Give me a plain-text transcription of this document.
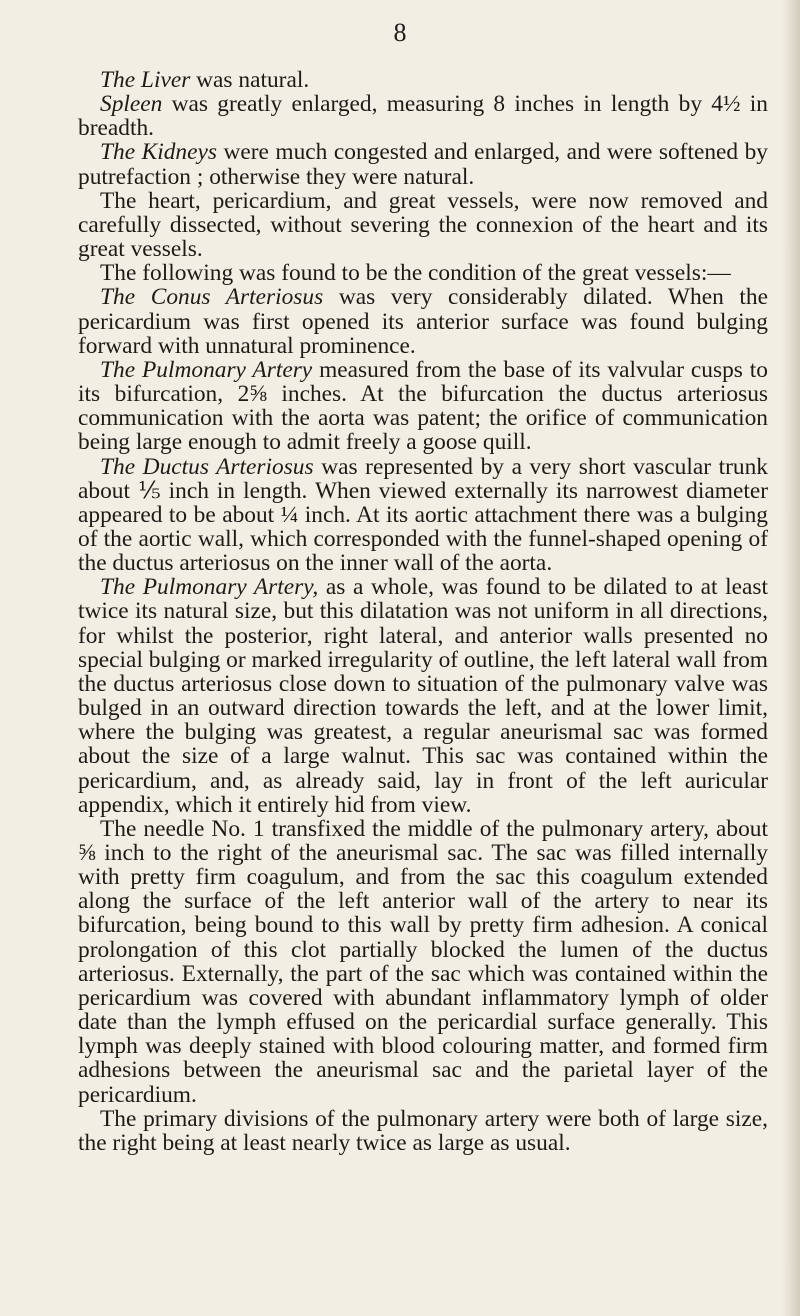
8

The Liver was natural.

Spleen was greatly enlarged, measuring 8 inches in length by 4½ in breadth.

The Kidneys were much congested and enlarged, and were softened by putrefaction ; otherwise they were natural.

The heart, pericardium, and great vessels, were now removed and carefully dissected, without severing the connexion of the heart and its great vessels.

The following was found to be the condition of the great vessels:—

The Conus Arteriosus was very considerably dilated. When the pericardium was first opened its anterior surface was found bulging forward with unnatural prominence.

The Pulmonary Artery measured from the base of its valvular cusps to its bifurcation, 2⅝ inches. At the bifurcation the ductus arteriosus communication with the aorta was patent; the orifice of communication being large enough to admit freely a goose quill.

The Ductus Arteriosus was represented by a very short vascular trunk about ⅕ inch in length. When viewed externally its narrowest diameter appeared to be about ¼ inch. At its aortic attachment there was a bulging of the aortic wall, which corresponded with the funnel-shaped opening of the ductus arteriosus on the inner wall of the aorta.

The Pulmonary Artery, as a whole, was found to be dilated to at least twice its natural size, but this dilatation was not uniform in all directions, for whilst the posterior, right lateral, and anterior walls presented no special bulging or marked irregularity of outline, the left lateral wall from the ductus arteriosus close down to situation of the pulmonary valve was bulged in an outward direction towards the left, and at the lower limit, where the bulging was greatest, a regular aneurismal sac was formed about the size of a large walnut. This sac was contained within the pericardium, and, as already said, lay in front of the left auricular appendix, which it entirely hid from view.

The needle No. 1 transfixed the middle of the pulmonary artery, about ⅝ inch to the right of the aneurismal sac. The sac was filled internally with pretty firm coagulum, and from the sac this coagulum extended along the surface of the left anterior wall of the artery to near its bifurcation, being bound to this wall by pretty firm adhesion. A conical prolongation of this clot partially blocked the lumen of the ductus arteriosus. Externally, the part of the sac which was contained within the pericardium was covered with abundant inflammatory lymph of older date than the lymph effused on the pericardial surface generally. This lymph was deeply stained with blood colouring matter, and formed firm adhesions between the aneurismal sac and the parietal layer of the pericardium.

The primary divisions of the pulmonary artery were both of large size, the right being at least nearly twice as large as usual.
